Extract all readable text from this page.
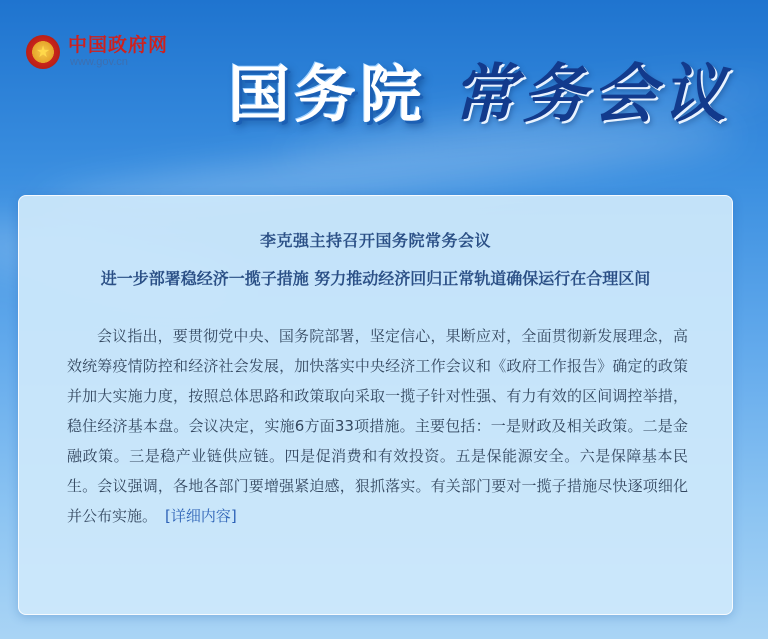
★ 中国政府网
www.gov.cn	国务院 常务会议
李克强主持召开国务院常务会议
进一步部署稳经济一揽子措施 努力推动经济回归正常轨道确保运行在合理区间
会议指出，要贯彻党中央、国务院部署，坚定信心，果断应对，全面贯彻新发展理念，高效统筹疫情防控和经济社会发展，加快落实中央经济工作会议和《政府工作报告》确定的政策并加大实施力度，按照总体思路和政策取向采取一揽子针对性强、有力有效的区间调控举措，稳住经济基本盘。会议决定，实施6方面33项措施。主要包括：一是财政及相关政策。二是金融政策。三是稳产业链供应链。四是促消费和有效投资。五是保能源安全。六是保障基本民生。会议强调，各地各部门要增强紧迫感，狠抓落实。有关部门要对一揽子措施尽快逐项细化并公布实施。 [详细内容]
